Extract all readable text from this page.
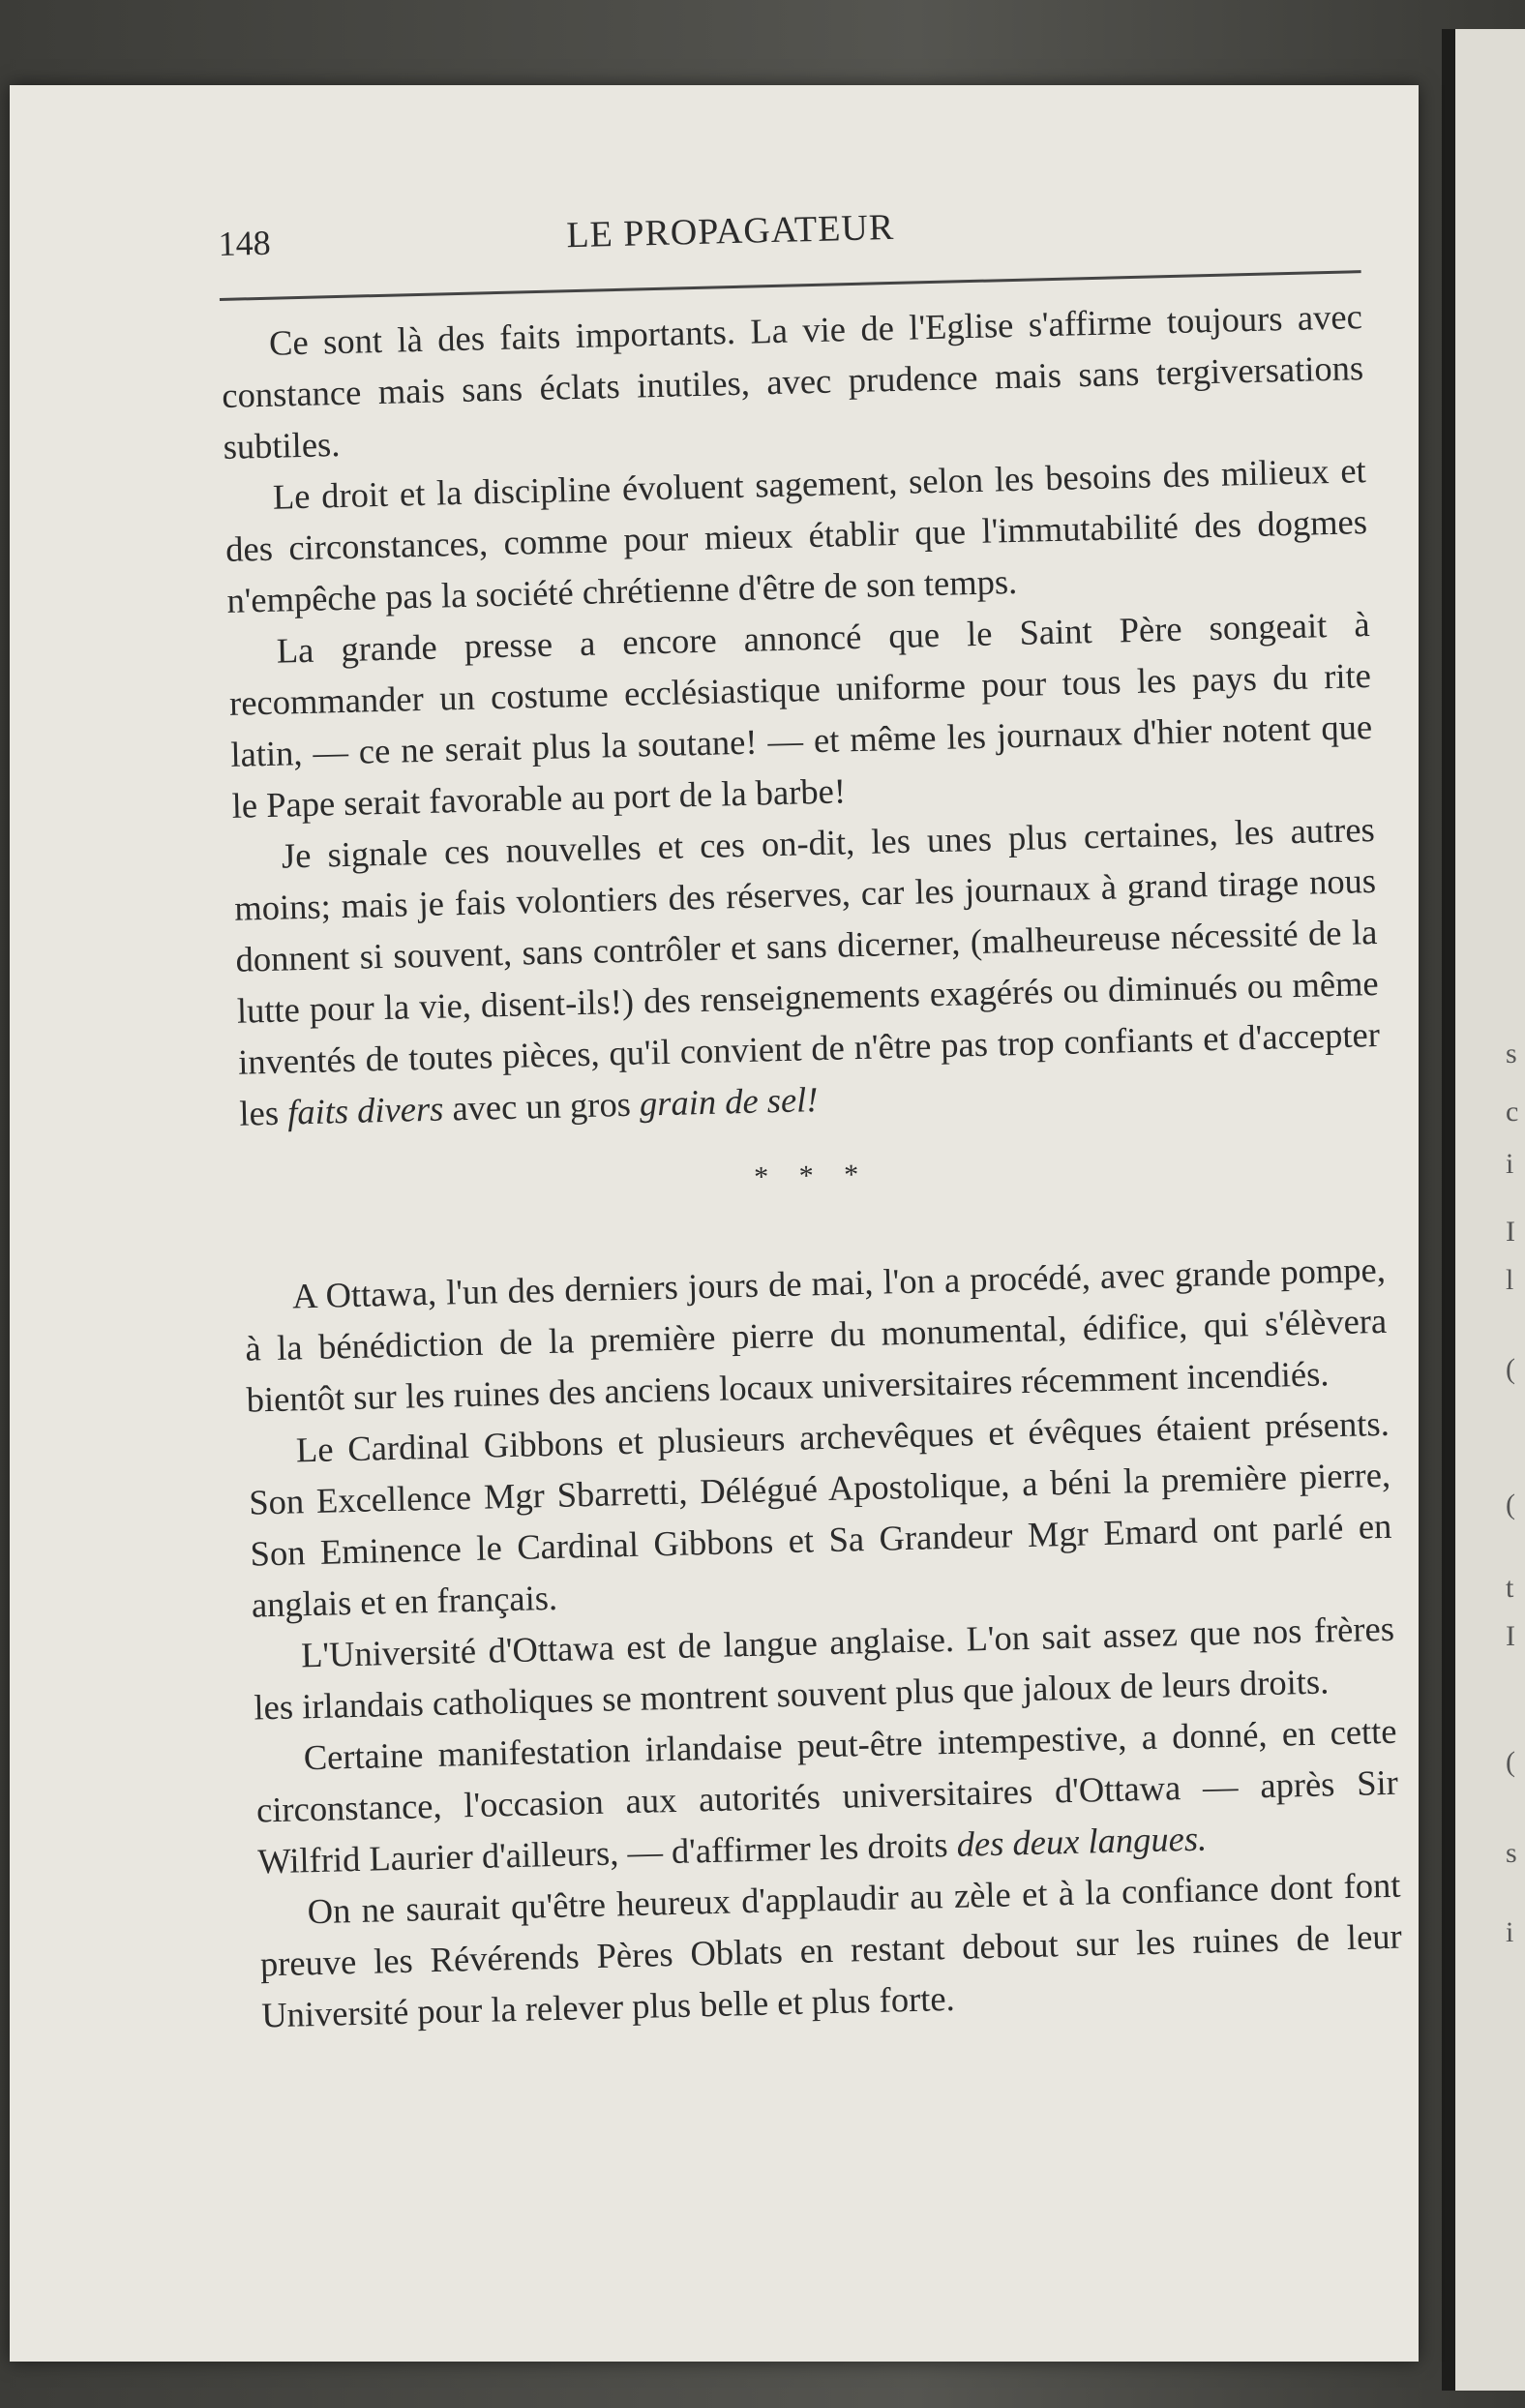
s
c
i
I
l
(
(
t
I
(
s
i
148	LE PROPAGATEUR

Ce sont là des faits importants. La vie de l'Eglise s'affirme toujours avec constance mais sans éclats inutiles, avec prudence mais sans tergiversations subtiles.

Le droit et la discipline évoluent sagement, selon les besoins des milieux et des circonstances, comme pour mieux établir que l'immutabilité des dogmes n'empêche pas la société chrétienne d'être de son temps.

La grande presse a encore annoncé que le Saint Père songeait à recommander un costume ecclésiastique uniforme pour tous les pays du rite latin, — ce ne serait plus la soutane! — et même les journaux d'hier notent que le Pape serait favorable au port de la barbe!

Je signale ces nouvelles et ces on-dit, les unes plus certaines, les autres moins; mais je fais volontiers des réserves, car les journaux à grand tirage nous donnent si souvent, sans contrôler et sans dicerner, (malheureuse nécessité de la lutte pour la vie, disent-ils!) des renseignements exagérés ou diminués ou même inventés de toutes pièces, qu'il convient de n'être pas trop confiants et d'accepter les faits divers avec un gros grain de sel!

* * *

A Ottawa, l'un des derniers jours de mai, l'on a procédé, avec grande pompe, à la bénédiction de la première pierre du monumental, édifice, qui s'élèvera bientôt sur les ruines des anciens locaux universitaires récemment incendiés.

Le Cardinal Gibbons et plusieurs archevêques et évêques étaient présents. Son Excellence Mgr Sbarretti, Délégué Apostolique, a béni la première pierre, Son Eminence le Cardinal Gibbons et Sa Grandeur Mgr Emard ont parlé en anglais et en français.

L'Université d'Ottawa est de langue anglaise. L'on sait assez que nos frères les irlandais catholiques se montrent souvent plus que jaloux de leurs droits.

Certaine manifestation irlandaise peut-être intempestive, a donné, en cette circonstance, l'occasion aux autorités universitaires d'Ottawa — après Sir Wilfrid Laurier d'ailleurs, — d'affirmer les droits des deux langues.

On ne saurait qu'être heureux d'applaudir au zèle et à la confiance dont font preuve les Révérends Pères Oblats en restant debout sur les ruines de leur Université pour la relever plus belle et plus forte.
